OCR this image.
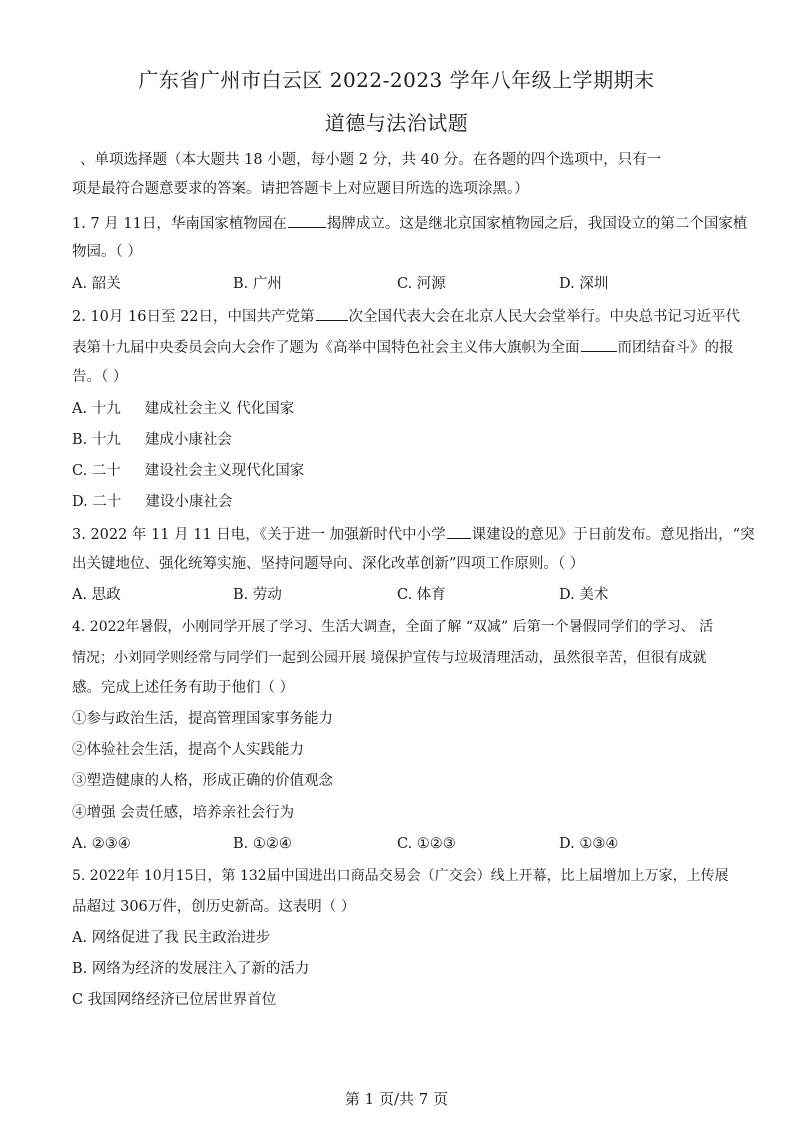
广东省广州市白云区 2022-2023 学年八年级上学期期末
道德与法治试题
、单项选择题（本大题共 18 小题，每小题 2 分，共 40 分。在各题的四个选项中，只有一
项是最符合题意要求的答案。请把答题卡上对应题目所选的选项涂黑。）
1. 7 月 11日，华南国家植物园在	揭牌成立。这是继北京国家植物园之后，我国设立的第二个国家植
物园。（ ）
A. 韶关	B. 广州	C. 河源	D. 深圳
2. 10月 16日至 22日，中国共产党第 次全国代表大会在北京人民大会堂举行。中央总书记习近平代
表第十九届中央委员会向大会作了题为《高举中国特色社会主义伟大旗帜为全面	而团结奋斗》的报
告。（ ）
A. 十九 建成社会主义 代化国家
B. 十九 建成小康社会
C. 二十 建设社会主义现代化国家
D. 二十 建设小康社会
3. 2022 年 11 月 11 日电，《关于进一 加强新时代中小学 课建设的意见》于日前发布。意见指出，“突
出关键地位、强化统筹实施、坚持问题导向、深化改革创新”四项工作原则。（ ）
A. 思政	B. 劳动	C. 体育	D. 美术
4. 2022年暑假，小刚同学开展了学习、生活大调查，全面了解 “双减” 后第一个暑假同学们的学习、 活
情况；小刘同学则经常与同学们一起到公园开展 境保护宣传与垃圾清理活动，虽然很辛苦，但很有成就
感。完成上述任务有助于他们（ ）
①参与政治生活，提高管理国家事务能力
②体验社会生活，提高个人实践能力
③塑造健康的人格，形成正确的价值观念
④增强 会责任感，培养亲社会行为
A. ②③④	B. ①②④	C. ①②③	D. ①③④
5. 2022年 10月15日，第 132届中国进出口商品交易会（广交会）线上开幕，比上届增加上万家，上传展
品超过 306万件，创历史新高。这表明（ ）
A. 网络促进了我 民主政治进步
B. 网络为经济的发展注入了新的活力
C 我国网络经济已位居世界首位
第 1 页/共 7 页
